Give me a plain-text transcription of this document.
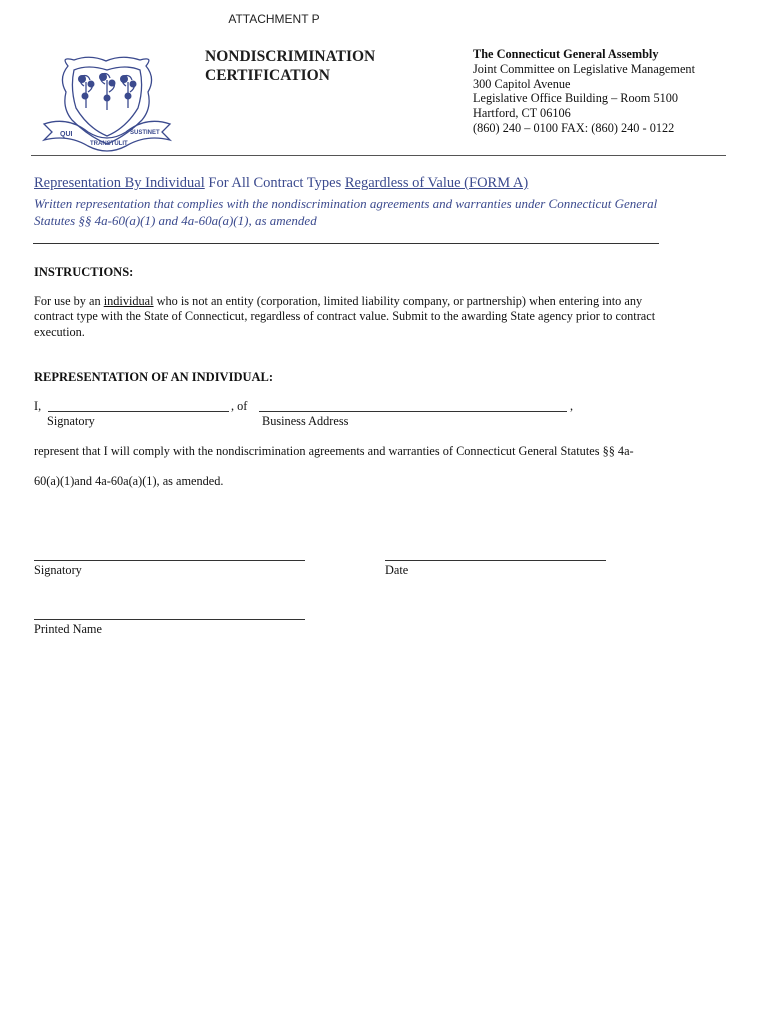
ATTACHMENT P
QUI
TRANSTULIT
SUSTINET
NONDISCRIMINATION
CERTIFICATION
The Connecticut General Assembly
Joint Committee on Legislative Management
300 Capitol Avenue
Legislative Office Building – Room 5100
Hartford, CT 06106
(860) 240 – 0100 FAX: (860) 240 - 0122
Representation By Individual For All Contract Types Regardless of Value (FORM A)
Written representation that complies with the nondiscrimination agreements and warranties under Connecticut General Statutes §§ 4a-60(a)(1) and 4a-60a(a)(1), as amended
INSTRUCTIONS:
For use by an individual who is not an entity (corporation, limited liability company, or partnership) when entering into any contract type with the State of Connecticut, regardless of contract value. Submit to the awarding State agency prior to contract execution.
REPRESENTATION OF AN INDIVIDUAL:
I,	, of	,
Signatory	Business Address
represent that I will comply with the nondiscrimination agreements and warranties of Connecticut General Statutes §§ 4a-
60(a)(1)and 4a-60a(a)(1), as amended.
Signatory	Date
Printed Name
